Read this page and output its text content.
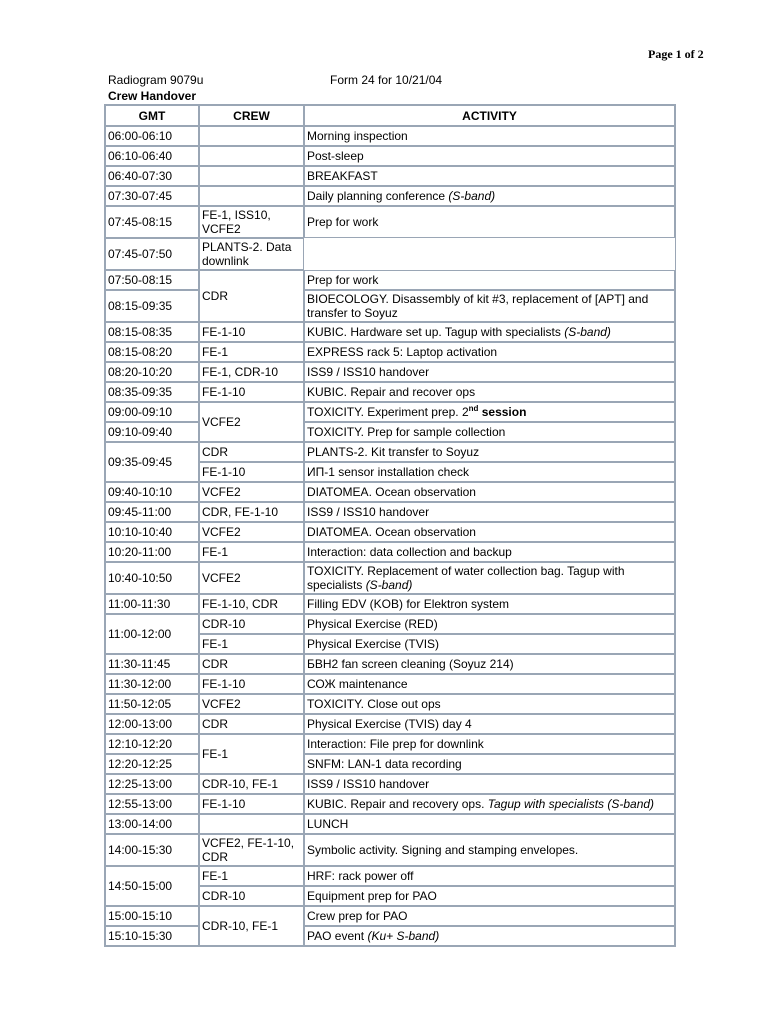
Page 1 of 2
Radiogram 9079u	Form 24 for 10/21/04
Crew Handover
GMT	CREW	ACTIVITY
06:00-06:10		Morning inspection
06:10-06:40		Post-sleep
06:40-07:30		BREAKFAST
07:30-07:45		Daily planning conference (S-band)
07:45-08:15	FE-1, ISS10, VCFE2	Prep for work
07:45-07:50	PLANTS-2. Data downlink	
07:50-08:15	CDR	Prep for work
08:15-09:35		BIOECOLOGY. Disassembly of kit #3, replacement of [APT] and transfer to Soyuz
08:15-08:35	FE-1-10	KUBIC. Hardware set up. Tagup with specialists (S-band)
08:15-08:20	FE-1	EXPRESS rack 5: Laptop activation
08:20-10:20	FE-1, CDR-10	ISS9 / ISS10 handover
08:35-09:35	FE-1-10	KUBIC. Repair and recover ops
09:00-09:10	VCFE2	TOXICITY. Experiment prep. 2nd session
09:10-09:40		TOXICITY. Prep for sample collection
09:35-09:45	CDR	PLANTS-2. Kit transfer to Soyuz
	FE-1-10	ИП-1 sensor installation check
09:40-10:10	VCFE2	DIATOMEA. Ocean observation
09:45-11:00	CDR, FE-1-10	ISS9 / ISS10 handover
10:10-10:40	VCFE2	DIATOMEA. Ocean observation
10:20-11:00	FE-1	Interaction: data collection and backup
10:40-10:50	VCFE2	TOXICITY. Replacement of water collection bag. Tagup with specialists (S-band)
11:00-11:30	FE-1-10, CDR	Filling EDV (KOB) for Elektron system
11:00-12:00	CDR-10	Physical Exercise (RED)
	FE-1	Physical Exercise (TVIS)
11:30-11:45	CDR	БВН2 fan screen cleaning (Soyuz 214)
11:30-12:00	FE-1-10	СОЖ maintenance
11:50-12:05	VCFE2	TOXICITY. Close out ops
12:00-13:00	CDR	Physical Exercise (TVIS) day 4
12:10-12:20	FE-1	Interaction: File prep for downlink
12:20-12:25		SNFM: LAN-1 data recording
12:25-13:00	CDR-10, FE-1	ISS9 / ISS10 handover
12:55-13:00	FE-1-10	KUBIC. Repair and recovery ops. Tagup with specialists (S-band)
13:00-14:00		LUNCH
14:00-15:30	VCFE2, FE-1-10, CDR	Symbolic activity. Signing and stamping envelopes.
14:50-15:00	FE-1	HRF: rack power off
	CDR-10	Equipment prep for PAO
15:00-15:10	CDR-10, FE-1	Crew prep for PAO
15:10-15:30		PAO event (Ku+ S-band)
